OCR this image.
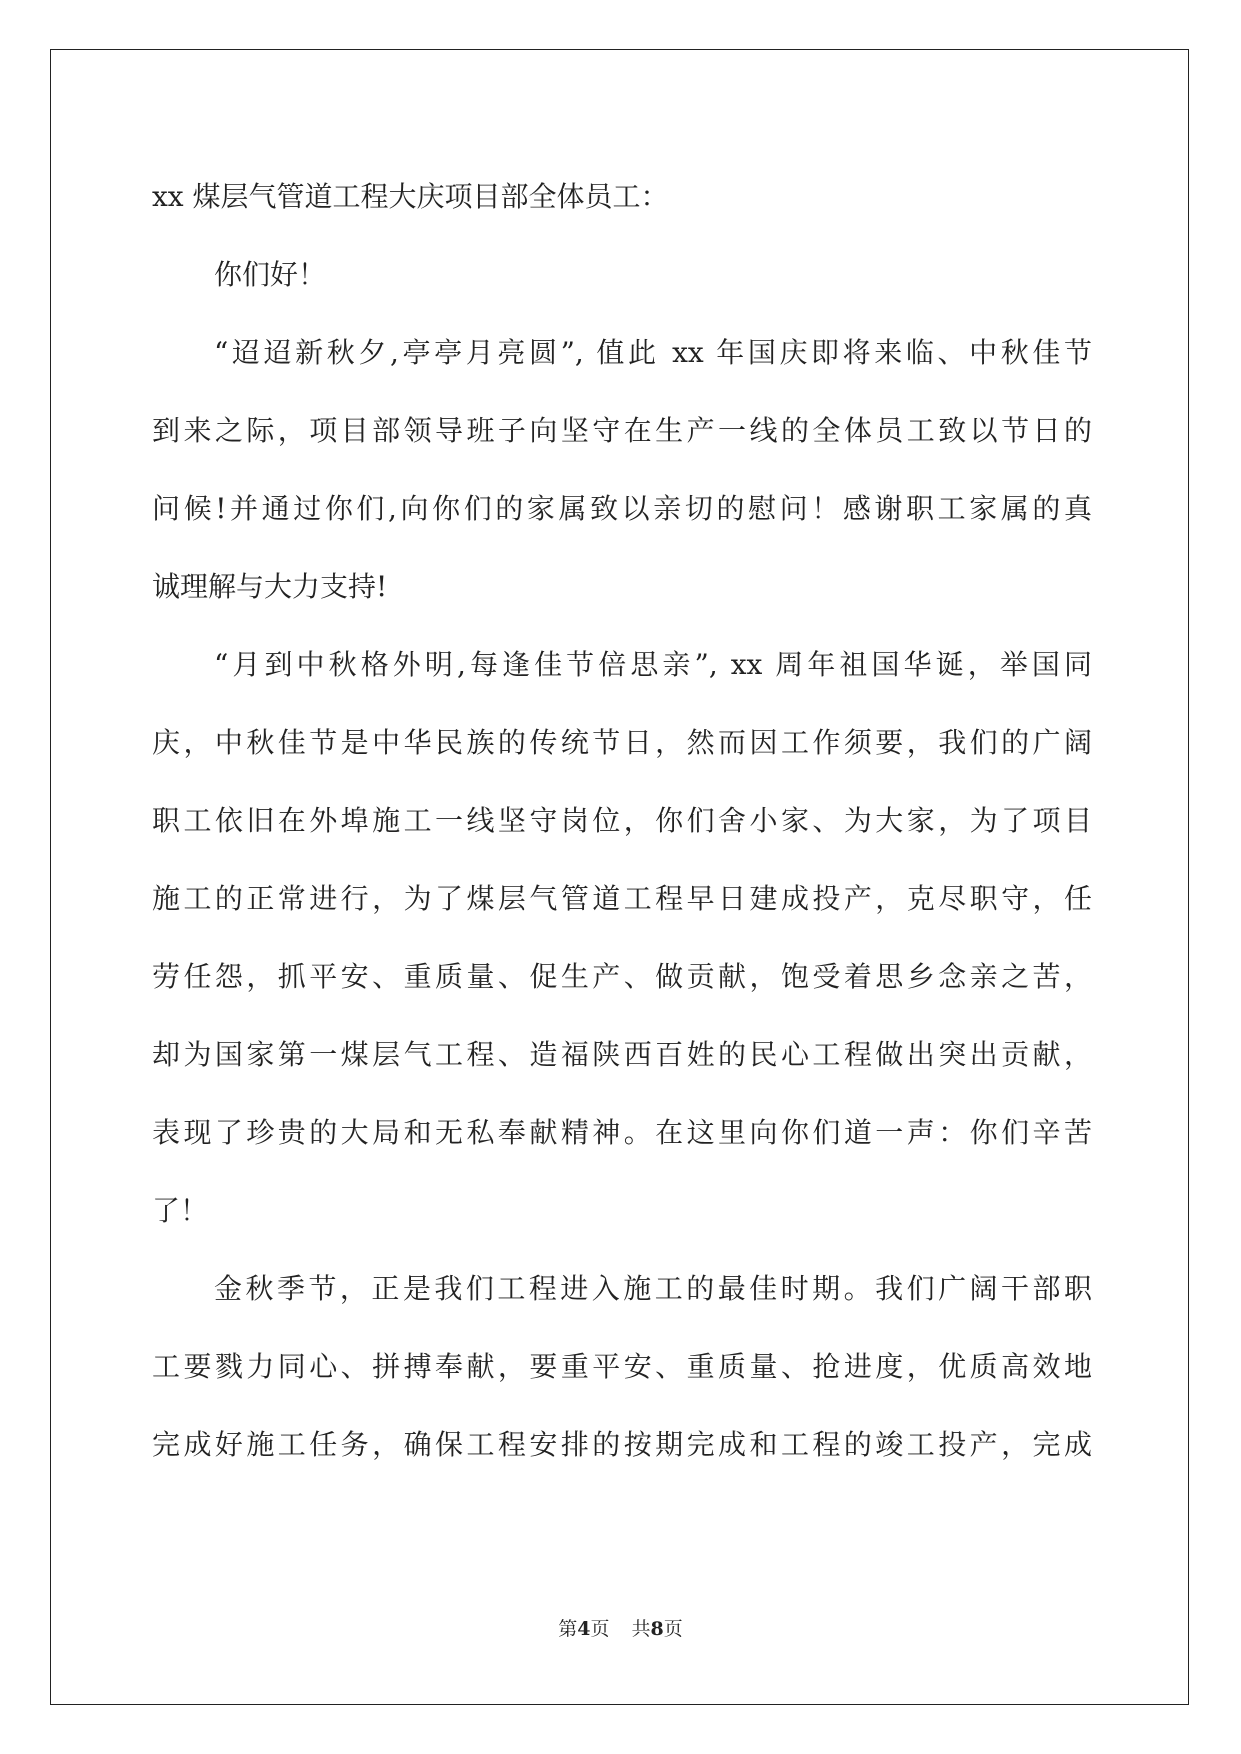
xx 煤层气管道工程大庆项目部全体员工：
你们好！
“迢迢新秋夕,亭亭月亮圆”, 值此 xx 年国庆即将来临、中秋佳节
到来之际，项目部领导班子向坚守在生产一线的全体员工致以节日的
问候!并通过你们,向你们的家属致以亲切的慰问！感谢职工家属的真
诚理解与大力支持!
“月到中秋格外明,每逢佳节倍思亲”, xx 周年祖国华诞，举国同
庆，中秋佳节是中华民族的传统节日，然而因工作须要，我们的广阔
职工依旧在外埠施工一线坚守岗位，你们舍小家、为大家，为了项目
施工的正常进行，为了煤层气管道工程早日建成投产，克尽职守，任
劳任怨，抓平安、重质量、促生产、做贡献，饱受着思乡念亲之苦，
却为国家第一煤层气工程、造福陕西百姓的民心工程做出突出贡献，
表现了珍贵的大局和无私奉献精神。在这里向你们道一声：你们辛苦
了！
金秋季节，正是我们工程进入施工的最佳时期。我们广阔干部职
工要戮力同心、拼搏奉献，要重平安、重质量、抢进度，优质高效地
完成好施工任务，确保工程安排的按期完成和工程的竣工投产，完成
第4页 共8页
